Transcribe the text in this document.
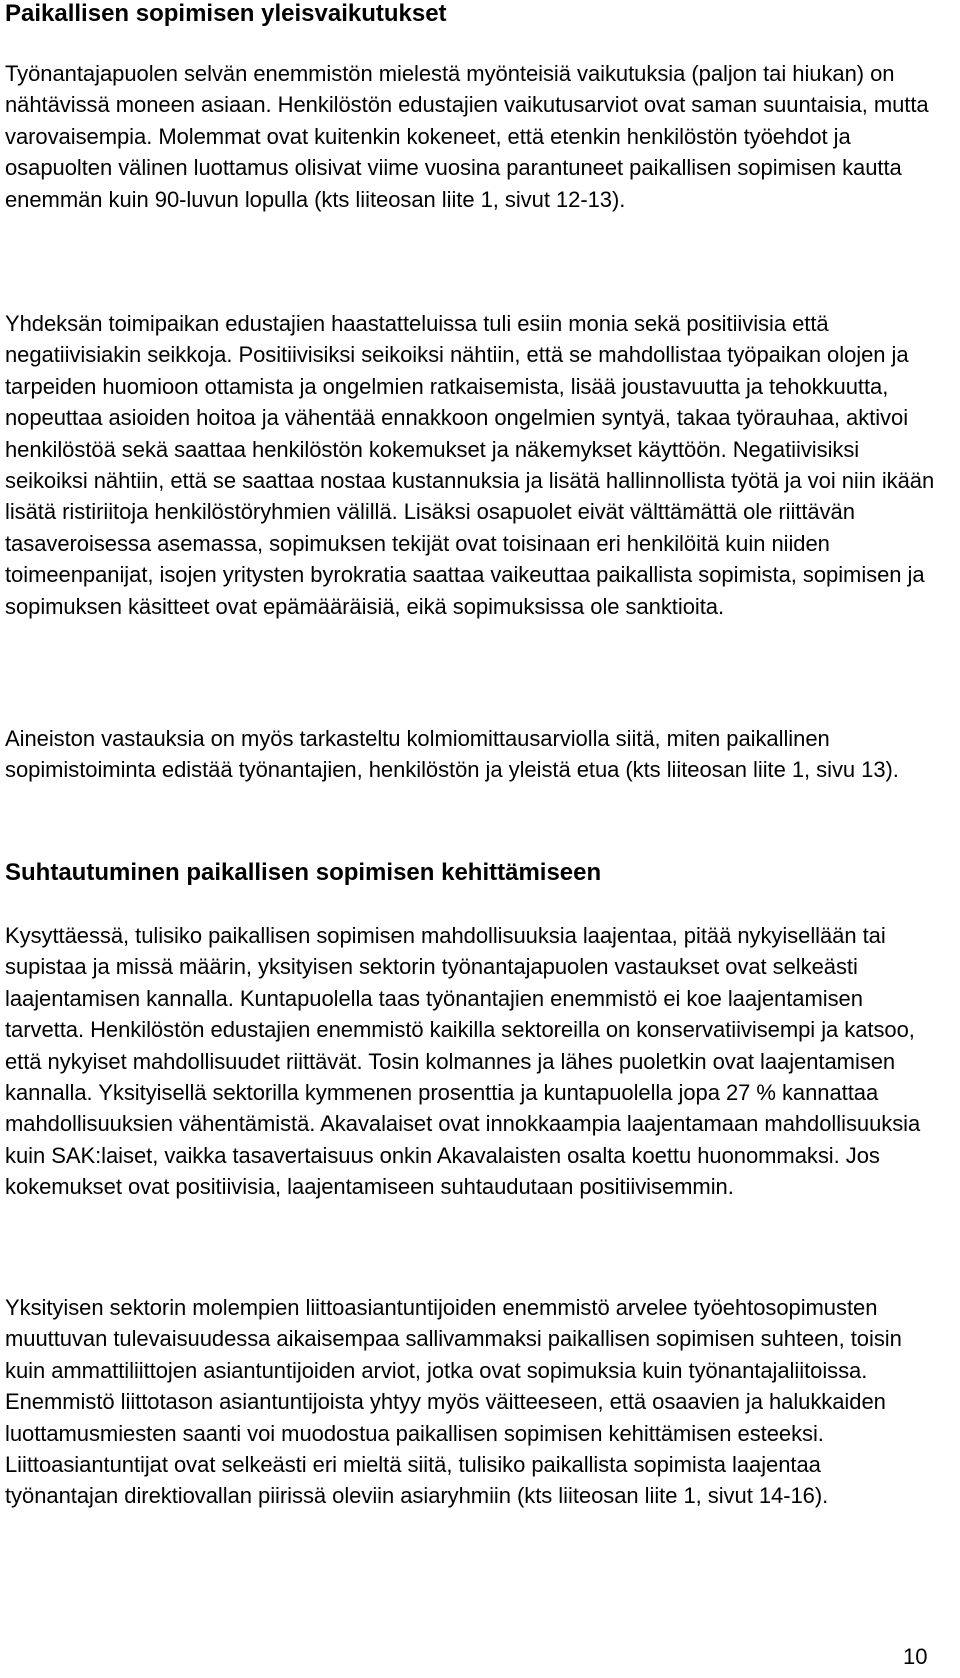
Paikallisen sopimisen yleisvaikutukset

Työnantajapuolen selvän enemmistön mielestä myönteisiä vaikutuksia (paljon tai hiukan) on nähtävissä moneen asiaan. Henkilöstön edustajien vaikutusarviot ovat saman suuntaisia, mutta varovaisempia. Molemmat ovat kuitenkin kokeneet, että etenkin henkilöstön työehdot ja osapuolten välinen luottamus olisivat viime vuosina parantuneet paikallisen sopimisen kautta enemmän kuin 90-luvun lopulla (kts liiteosan liite 1, sivut 12-13).

Yhdeksän toimipaikan edustajien haastatteluissa tuli esiin monia sekä positiivisia että negatiivisiakin seikkoja. Positiivisiksi seikoiksi nähtiin, että se mahdollistaa työpaikan olojen ja tarpeiden huomioon ottamista ja ongelmien ratkaisemista, lisää joustavuutta ja tehokkuutta, nopeuttaa asioiden hoitoa ja vähentää ennakkoon ongelmien syntyä, takaa työrauhaa, aktivoi henkilöstöä sekä saattaa henkilöstön kokemukset ja näkemykset käyttöön. Negatiivisiksi seikoiksi nähtiin, että se saattaa nostaa kustannuksia ja lisätä hallinnollista työtä ja voi niin ikään lisätä ristiriitoja henkilöstöryhmien välillä. Lisäksi osapuolet eivät välttämättä ole riittävän tasaveroisessa asemassa, sopimuksen tekijät ovat toisinaan eri henkilöitä kuin niiden toimeenpanijat, isojen yritysten byrokratia saattaa vaikeuttaa paikallista sopimista, sopimisen ja sopimuksen käsitteet ovat epämääräisiä, eikä sopimuksissa ole sanktioita.

Aineiston vastauksia on myös tarkasteltu kolmiomittausarviolla siitä, miten paikallinen sopimistoiminta edistää työnantajien, henkilöstön ja yleistä etua (kts liiteosan liite 1, sivu 13).

Suhtautuminen paikallisen sopimisen kehittämiseen

Kysyttäessä, tulisiko paikallisen sopimisen mahdollisuuksia laajentaa, pitää nykyisellään tai supistaa ja missä määrin, yksityisen sektorin työnantajapuolen vastaukset ovat selkeästi laajentamisen kannalla. Kuntapuolella taas työnantajien enemmistö ei koe laajentamisen tarvetta. Henkilöstön edustajien enemmistö kaikilla sektoreilla on konservatiivisempi ja katsoo, että nykyiset mahdollisuudet riittävät. Tosin kolmannes ja lähes puoletkin ovat laajentamisen kannalla. Yksityisellä sektorilla kymmenen prosenttia ja kuntapuolella jopa 27 % kannattaa mahdollisuuksien vähentämistä. Akavalaiset ovat innokkaampia laajentamaan mahdollisuuksia kuin SAK:laiset, vaikka tasavertaisuus onkin Akavalaisten osalta koettu huonommaksi. Jos kokemukset ovat positiivisia, laajentamiseen suhtaudutaan positiivisemmin.

Yksityisen sektorin molempien liittoasiantuntijoiden enemmistö arvelee työehtosopimusten muuttuvan tulevaisuudessa aikaisempaa sallivammaksi paikallisen sopimisen suhteen, toisin kuin ammattiliittojen asiantuntijoiden arviot, jotka ovat sopimuksia kuin työnantajaliitoissa. Enemmistö liittotason asiantuntijoista yhtyy myös väitteeseen, että osaavien ja halukkaiden luottamusmiesten saanti voi muodostua paikallisen sopimisen kehittämisen esteeksi. Liittoasiantuntijat ovat selkeästi eri mieltä siitä, tulisiko paikallista sopimista laajentaa työnantajan direktiovallan piirissä oleviin asiaryhmiin (kts liiteosan liite 1, sivut 14-16).

10
